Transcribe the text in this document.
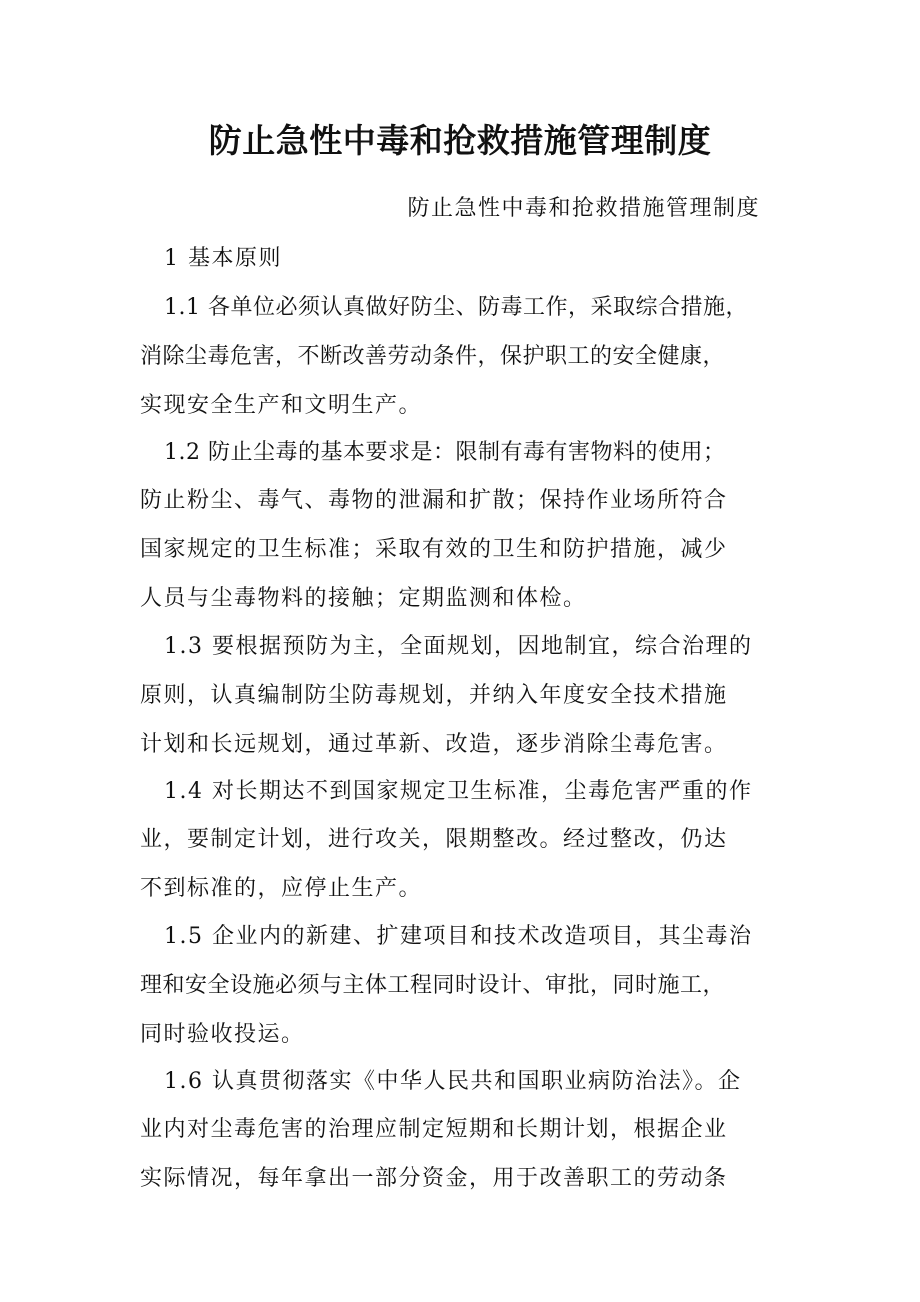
防止急性中毒和抢救措施管理制度
防止急性中毒和抢救措施管理制度
1 基本原则
1.1 各单位必须认真做好防尘、防毒工作，采取综合措施，
消除尘毒危害，不断改善劳动条件，保护职工的安全健康，
实现安全生产和文明生产。
1.2 防止尘毒的基本要求是：限制有毒有害物料的使用；
防止粉尘、毒气、毒物的泄漏和扩散；保持作业场所符合
国家规定的卫生标准；采取有效的卫生和防护措施，减少
人员与尘毒物料的接触；定期监测和体检。
1.3 要根据预防为主，全面规划，因地制宜，综合治理的
原则，认真编制防尘防毒规划，并纳入年度安全技术措施
计划和长远规划，通过革新、改造，逐步消除尘毒危害。
1.4 对长期达不到国家规定卫生标准，尘毒危害严重的作
业，要制定计划，进行攻关，限期整改。经过整改，仍达
不到标准的，应停止生产。
1.5 企业内的新建、扩建项目和技术改造项目，其尘毒治
理和安全设施必须与主体工程同时设计、审批，同时施工，
同时验收投运。
1.6 认真贯彻落实《中华人民共和国职业病防治法》。企
业内对尘毒危害的治理应制定短期和长期计划，根据企业
实际情况，每年拿出一部分资金，用于改善职工的劳动条
